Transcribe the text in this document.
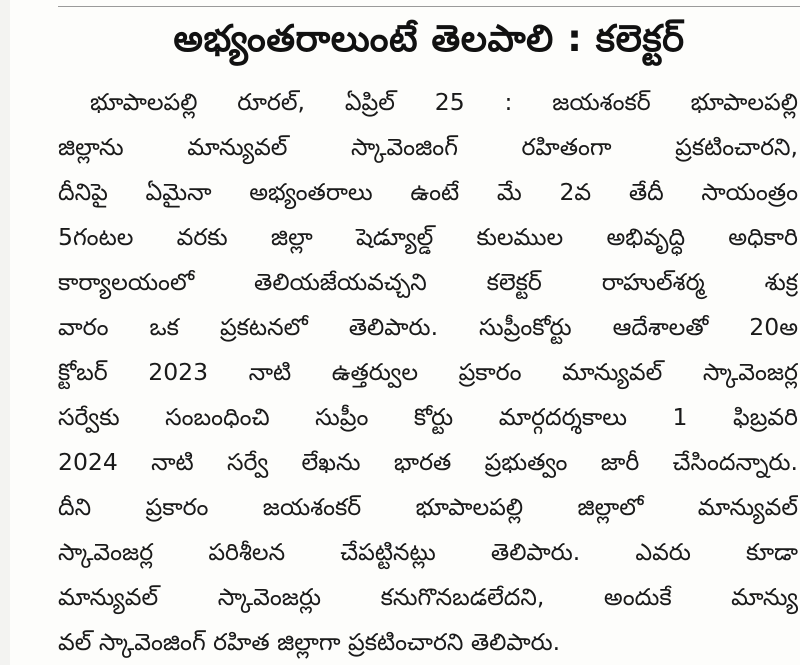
అభ్యంతరాలుంటే తెలపాలి : కలెక్టర్
భూపాలపల్లి రూరల్, ఏప్రిల్ 25 : జయశంకర్ భూపాలపల్లి
జిల్లాను మాన్యువల్ స్కావెంజింగ్ రహితంగా ప్రకటించారని,
దీనిపై ఏమైనా అభ్యంతరాలు ఉంటే మే 2వ తేదీ సాయంత్రం
5గంటల వరకు జిల్లా షెడ్యూల్డ్ కులముల అభివృద్ధి అధికారి
కార్యాలయంలో తెలియజేయవచ్చని కలెక్టర్ రాహుల్‌శర్మ శుక్ర
వారం ఒక ప్రకటనలో తెలిపారు. సుప్రీంకోర్టు ఆదేశాలతో 20అ
క్టోబర్ 2023 నాటి ఉత్తర్వుల ప్రకారం మాన్యువల్ స్కావెంజర్ల
సర్వేకు సంబంధించి సుప్రీం కోర్టు మార్గదర్శకాలు 1 ఫిబ్రవరి
2024 నాటి సర్వే లేఖను భారత ప్రభుత్వం జారీ చేసిందన్నారు.
దీని ప్రకారం జయశంకర్ భూపాలపల్లి జిల్లాలో మాన్యువల్
స్కావెంజర్ల పరిశీలన చేపట్టినట్లు తెలిపారు. ఎవరు కూడా
మాన్యువల్ స్కావెంజర్లు కనుగొనబడలేదని, అందుకే మాన్యు
వల్ స్కావెంజింగ్ రహిత జిల్లాగా ప్రకటించారని తెలిపారు.
